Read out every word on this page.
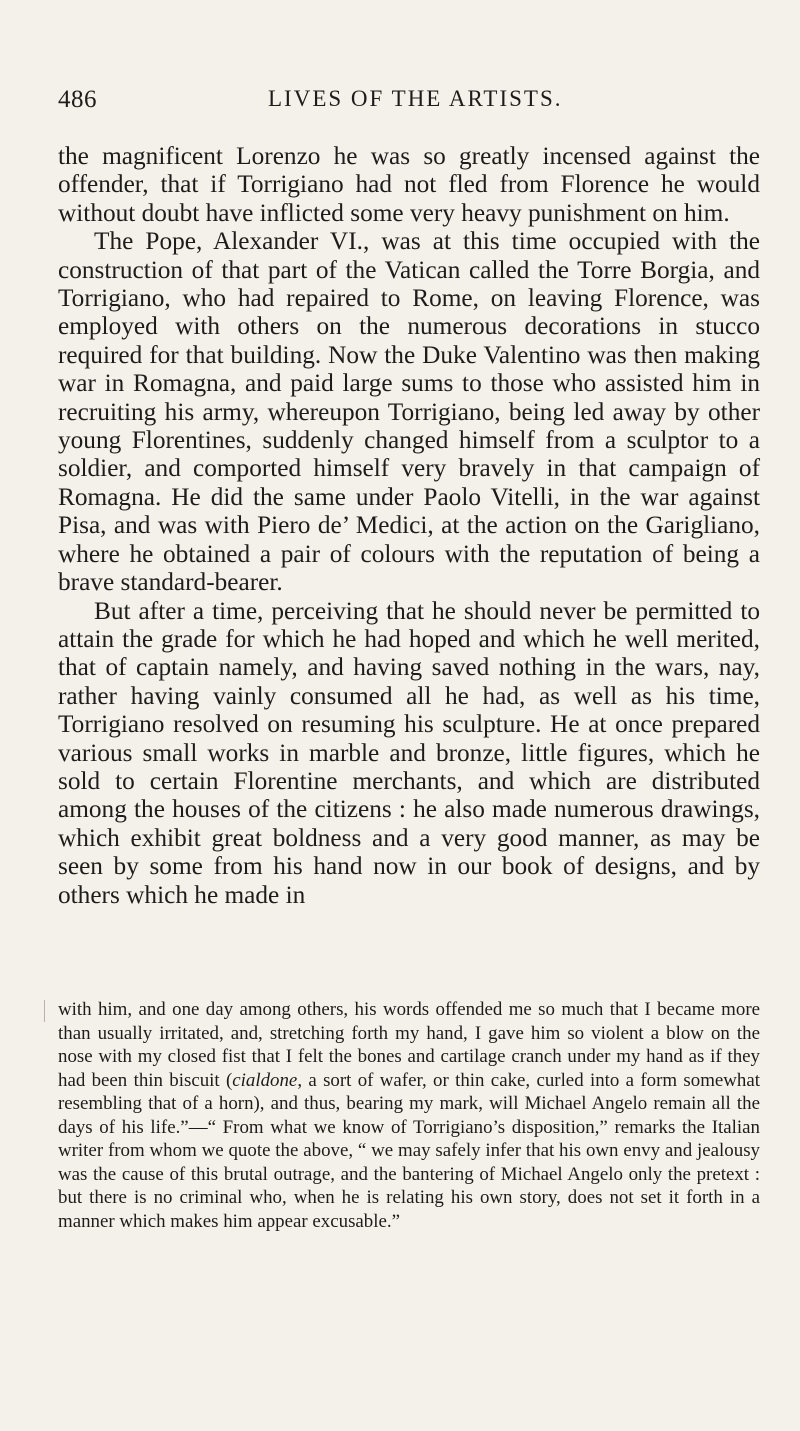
486	LIVES OF THE ARTISTS.

the magnificent Lorenzo he was so greatly incensed against the offender, that if Torrigiano had not fled from Florence he would without doubt have inflicted some very heavy punishment on him.

The Pope, Alexander VI., was at this time occupied with the construction of that part of the Vatican called the Torre Borgia, and Torrigiano, who had repaired to Rome, on leaving Florence, was employed with others on the numerous decorations in stucco required for that building. Now the Duke Valentino was then making war in Romagna, and paid large sums to those who assisted him in recruiting his army, whereupon Torrigiano, being led away by other young Florentines, suddenly changed himself from a sculptor to a soldier, and comported himself very bravely in that campaign of Romagna. He did the same under Paolo Vitelli, in the war against Pisa, and was with Piero de’ Medici, at the action on the Garigliano, where he obtained a pair of colours with the reputation of being a brave standard-bearer.

But after a time, perceiving that he should never be permitted to attain the grade for which he had hoped and which he well merited, that of captain namely, and having saved nothing in the wars, nay, rather having vainly consumed all he had, as well as his time, Torrigiano resolved on resuming his sculpture. He at once prepared various small works in marble and bronze, little figures, which he sold to certain Florentine merchants, and which are distributed among the houses of the citizens : he also made numerous drawings, which exhibit great boldness and a very good manner, as may be seen by some from his hand now in our book of designs, and by others which he made in

with him, and one day among others, his words offended me so much that I became more than usually irritated, and, stretching forth my hand, I gave him so violent a blow on the nose with my closed fist that I felt the bones and cartilage cranch under my hand as if they had been thin biscuit (cialdone, a sort of wafer, or thin cake, curled into a form somewhat resembling that of a horn), and thus, bearing my mark, will Michael Angelo remain all the days of his life.”—“ From what we know of Torrigiano’s disposition,” remarks the Italian writer from whom we quote the above, “ we may safely infer that his own envy and jealousy was the cause of this brutal outrage, and the bantering of Michael Angelo only the pretext : but there is no criminal who, when he is relating his own story, does not set it forth in a manner which makes him appear excusable.”
